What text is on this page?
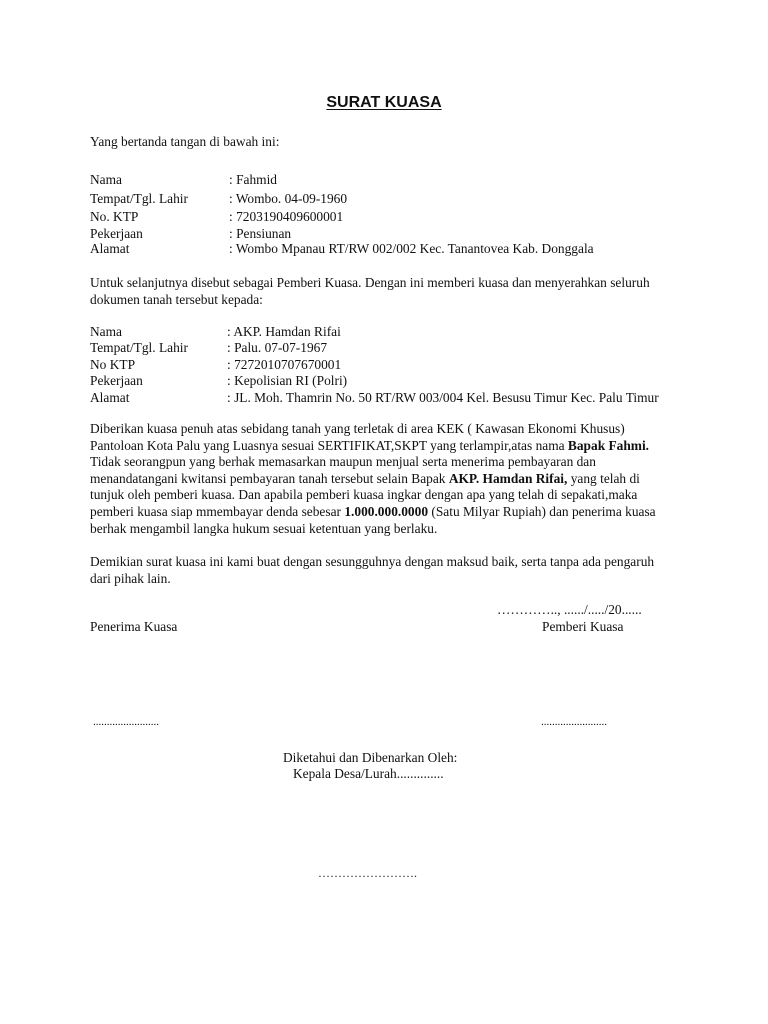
SURAT KUASA
Yang bertanda tangan di bawah ini:
Nama	: Fahmid
Tempat/Tgl. Lahir	: Wombo. 04-09-1960
No. KTP	: 7203190409600001
Pekerjaan	: Pensiunan
Alamat	: Wombo Mpanau RT/RW 002/002 Kec. Tanantovea Kab. Donggala
Untuk selanjutnya disebut sebagai Pemberi Kuasa. Dengan ini memberi kuasa dan menyerahkan seluruh
dokumen tanah tersebut kepada:
Nama	: AKP. Hamdan Rifai
Tempat/Tgl. Lahir	: Palu. 07-07-1967
No KTP	: 7272010707670001
Pekerjaan	: Kepolisian RI (Polri)
Alamat	: JL. Moh. Thamrin No. 50 RT/RW 003/004 Kel. Besusu Timur Kec. Palu Timur
Diberikan kuasa penuh atas sebidang tanah yang terletak di area KEK ( Kawasan Ekonomi Khusus)
Pantoloan Kota Palu yang Luasnya sesuai SERTIFIKAT,SKPT yang terlampir,atas nama Bapak Fahmi.
Tidak seorangpun yang berhak memasarkan maupun menjual serta menerima pembayaran dan
menandatangani kwitansi pembayaran tanah tersebut selain Bapak AKP. Hamdan Rifai, yang telah di
tunjuk oleh pemberi kuasa. Dan apabila pemberi kuasa ingkar dengan apa yang telah di sepakati,maka
pemberi kuasa siap mmembayar denda sebesar 1.000.000.0000 (Satu Milyar Rupiah) dan penerima kuasa
berhak mengambil langka hukum sesuai ketentuan yang berlaku.
Demikian surat kuasa ini kami buat dengan sesungguhnya dengan maksud baik, serta tanpa ada pengaruh
dari pihak lain.
………….., ....../...../20......
Penerima Kuasa	Pemberi Kuasa
........................	........................
Diketahui dan Dibenarkan Oleh:
Kepala Desa/Lurah..............
…………………….
